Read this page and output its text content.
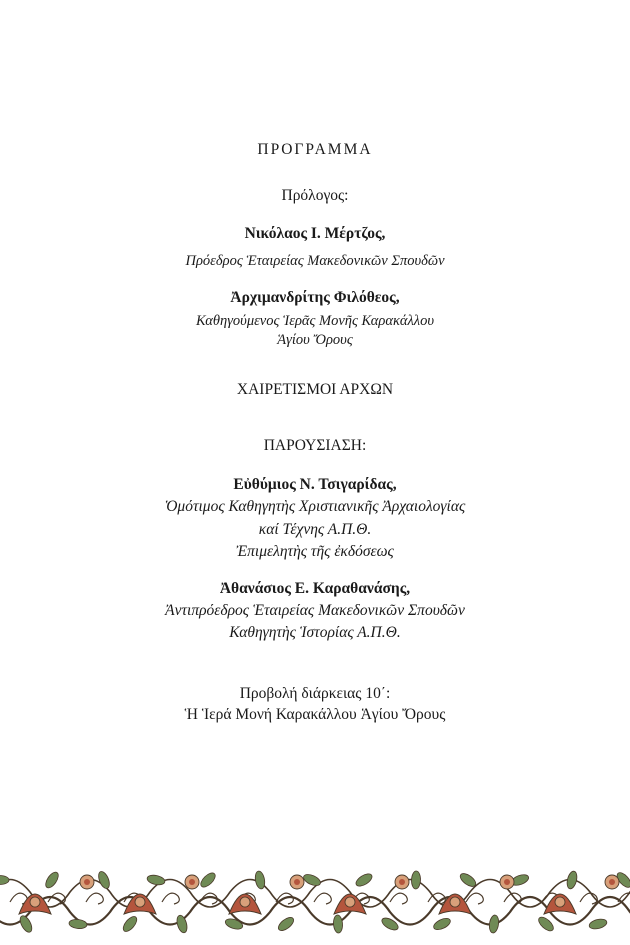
ΠΡΟΓΡΑΜΜΑ
Πρόλογος:
Νικόλαος Ι. Μέρτζος,
Πρόεδρος Ἑταιρείας Μακεδονικῶν Σπουδῶν
Ἀρχιμανδρίτης Φιλόθεος,
Καθηγούμενος Ἱερᾶς Μονῆς Καρακάλλου
Ἁγίου Ὄρους
ΧΑΙΡΕΤΙΣΜΟΙ ΑΡΧΩΝ
ΠΑΡΟΥΣΙΑΣΗ:
Εὐθύμιος Ν. Τσιγαρίδας,
Ὁμότιμος Καθηγητὴς Χριστιανικῆς Ἀρχαιολογίας
καί Τέχνης Α.Π.Θ.
Ἐπιμελητὴς τῆς ἐκδόσεως
Ἀθανάσιος Ε. Καραθανάσης,
Ἀντιπρόεδρος Ἑταιρείας Μακεδονικῶν Σπουδῶν
Καθηγητὴς Ἱστορίας Α.Π.Θ.
Προβολή διάρκειας 10΄:
Ἡ Ἱερά Μονή Καρακάλλου Ἁγίου Ὄρους
